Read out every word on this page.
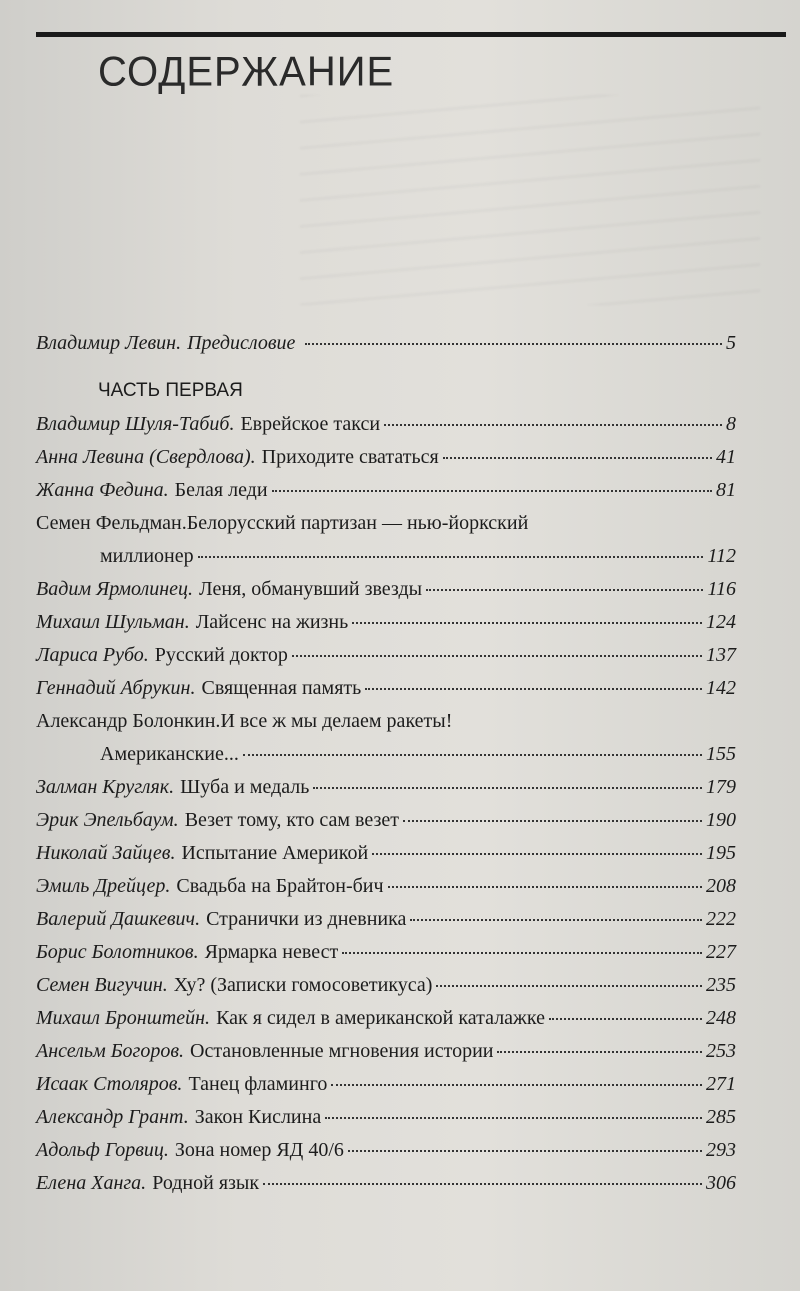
СОДЕРЖАНИЕ
Владимир Левин. Предисловие	5
ЧАСТЬ ПЕРВАЯ
Владимир Шуля-Табиб. Еврейское такси	8
Анна Левина (Свердлова). Приходите свататься	41
Жанна Федина. Белая леди	81
Семен Фельдман. Белорусский партизан — нью-йоркский
миллионер	112
Вадим Ярмолинец. Леня, обманувший звезды	116
Михаил Шульман. Лайсенс на жизнь	124
Лариса Рубо. Русский доктор	137
Геннадий Абрукин. Священная память	142
Александр Болонкин. И все ж мы делаем ракеты!
Американские...	155
Залман Кругляк. Шуба и медаль	179
Эрик Эпельбаум. Везет тому, кто сам везет	190
Николай Зайцев. Испытание Америкой	195
Эмиль Дрейцер. Свадьба на Брайтон-бич	208
Валерий Дашкевич. Странички из дневника	222
Борис Болотников. Ярмарка невест	227
Семен Вигучин. Ху? (Записки гомосоветикуса)	235
Михаил Бронштейн. Как я сидел в американской каталажке	248
Ансельм Богоров. Остановленные мгновения истории	253
Исаак Столяров. Танец фламинго	271
Александр Грант. Закон Кислина	285
Адольф Горвиц. Зона номер ЯД 40/6	293
Елена Ханга. Родной язык	306
